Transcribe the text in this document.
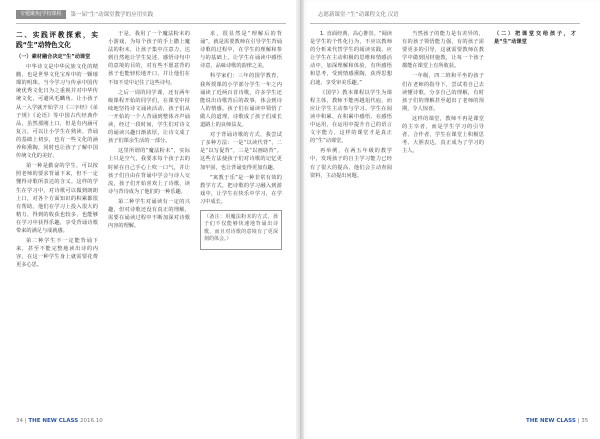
专题聚焦|学校课程 第一届“生”动课堂教学的应用实践
二、实践评教探索，实践“生”动特色文化

（一）素材融合决定“生”动课堂

中华诗文是中华民族文化的精髓，也是世界文化宝库中的一颗璀璨的明珠。当今学习与传承中国传统优秀文化日为之重视并对中华传统文化，可避风毛麟角。让小孩子从一入学就开始学习《三字经》《弟子规》《论语》等中国古代经典作品，虽然那刚上口，但是有内涵可复言，可以让小学生在熟读、背诵的基础上初步，也有一些文化的涵养和熏陶，同时也让孩子了解中国传统文化的美好。

第一种是勤奋的学生，可以按照老师的要求背诵下来，但不一定懂得诗歌所表达的含义。这样的学生在学习中，对诗歌可以做到朗朗上口，对各个方面知识的积累都很有帮助。他们在学习上投入很大的精力，得到的收获也较多，也能够在学习中获得乐趣，享受背诵诗歌带来的满足与成就感。

第二种学生不一定能背诵下来，甚至不能完整地读出诗的内容，在这一种学生身上就需要花费更多心思。

于是，我用了一个魔法粉末的小游戏，为每个孩子的手上撒上魔法的粉末，让孩子集中注意力，达到自然地让学生复述、感悟诗句中的意境的目的，对有些不愿意背的孩子也能轻松地开口，并让他们在不知不觉中记住了这些诗句。

之后一周的同学课，还有两年级课程开始的同学们，在课堂中持续地坚持诗文诵读活动，孩子们从一开始的一个人背诵到整体齐声诵读，经过一段时间，学生们对诗文的诵读兴趣日渐浓厚，让诗文成了孩子们课余生活的一部分。

这里所谓的“魔法粉末”，实际上只是空气，我要求每个孩子去的时候在自己手心上吹一口气，并让孩子们自由在背诵中学会与诗人交流，孩子们开始喜欢上了诗歌，读诗与背诗成为了他们的一种乐趣。

第二种学生对诵读有一定的兴趣，但对诗歌还没有真正的理解，需要在诵读过程中不断加深对诗歌内容的理解。

求，很显然是“理解后的背诵”，就是需要教师在引导学生背诵诗歌的过程中，在学生的理解和参与的基础上，让学生在诵读中感悟诗意，品味诗歌的韵律之美。

科学家们：三年的国学教育，我所授课的小学部分学生一年之内诵读了近两百首诗歌，许多学生还能说出诗歌背后的故事，体会到诗人的情感。孩子们在诵读中领悟了做人的道理，诗歌成了孩子们成长道路上的良师益友。

对于背诵诗歌的方式，我尝试了多种方法：一是“以读代背”，二是“以写促背”，三是“以画助背”。这些方法使孩子们对诗歌的记忆更加牢固，也让背诵变得更加有趣。

“寓教于乐”是一种非常有效的教学方式，把诗歌的学习融入到游戏中，让学生在快乐中学习，在学习中成长。

（备注：用魔法粉末的方式，孩子们不仅能够快速地背诵出诗歌，而且对诗歌的意境有了更深刻的体会。）

34 | THE NEW CLASS 2016.10
志愿新课堂·“生”动课程文化 汉语

1. 直面经典，高心推崇。“阅读是学生的个性化行为，不应以教师的分析来代替学生的阅读实践。应让学生在主动积极的思维和情感活动中，加深理解和体验，有所感悟和思考，受到情感熏陶，获得思想启迪，享受审美乐趣。”

《国学》教本课程以学生为课程主体，教师不能再越俎代庖，而应让学生主动参与学习。学生在阅读中积累、在积累中感悟、在感悟中运用，在运用中提升自己的语言文字能力，这样的课堂才是真正的“生”动课堂。

再举例，在两五年级的教学中，发现孩子的自主学习能力已经有了很大的提高，他们会主动查阅资料，主动提出问题。

当然孩子的能力是有差异的，有的孩子领悟能力强，有的孩子需要更多的引导，这就需要教师在教学中做到因材施教，让每一个孩子都能在课堂上有所收获。

一年级，四二班和平坐的孩子们在老师的指导下，尝试着自己去读懂诗歌，分享自己的理解，有时孩子们的理解甚至超出了老师的预期，令人惊喜。

这样的课堂，教师不再是课堂的主宰者，而是学生学习的引导者、合作者，学生在课堂上积极思考、大胆表达，真正成为了学习的主人。

（二）把课堂交给孩子，才是“生”动课堂

THE NEW CLASS | 35
